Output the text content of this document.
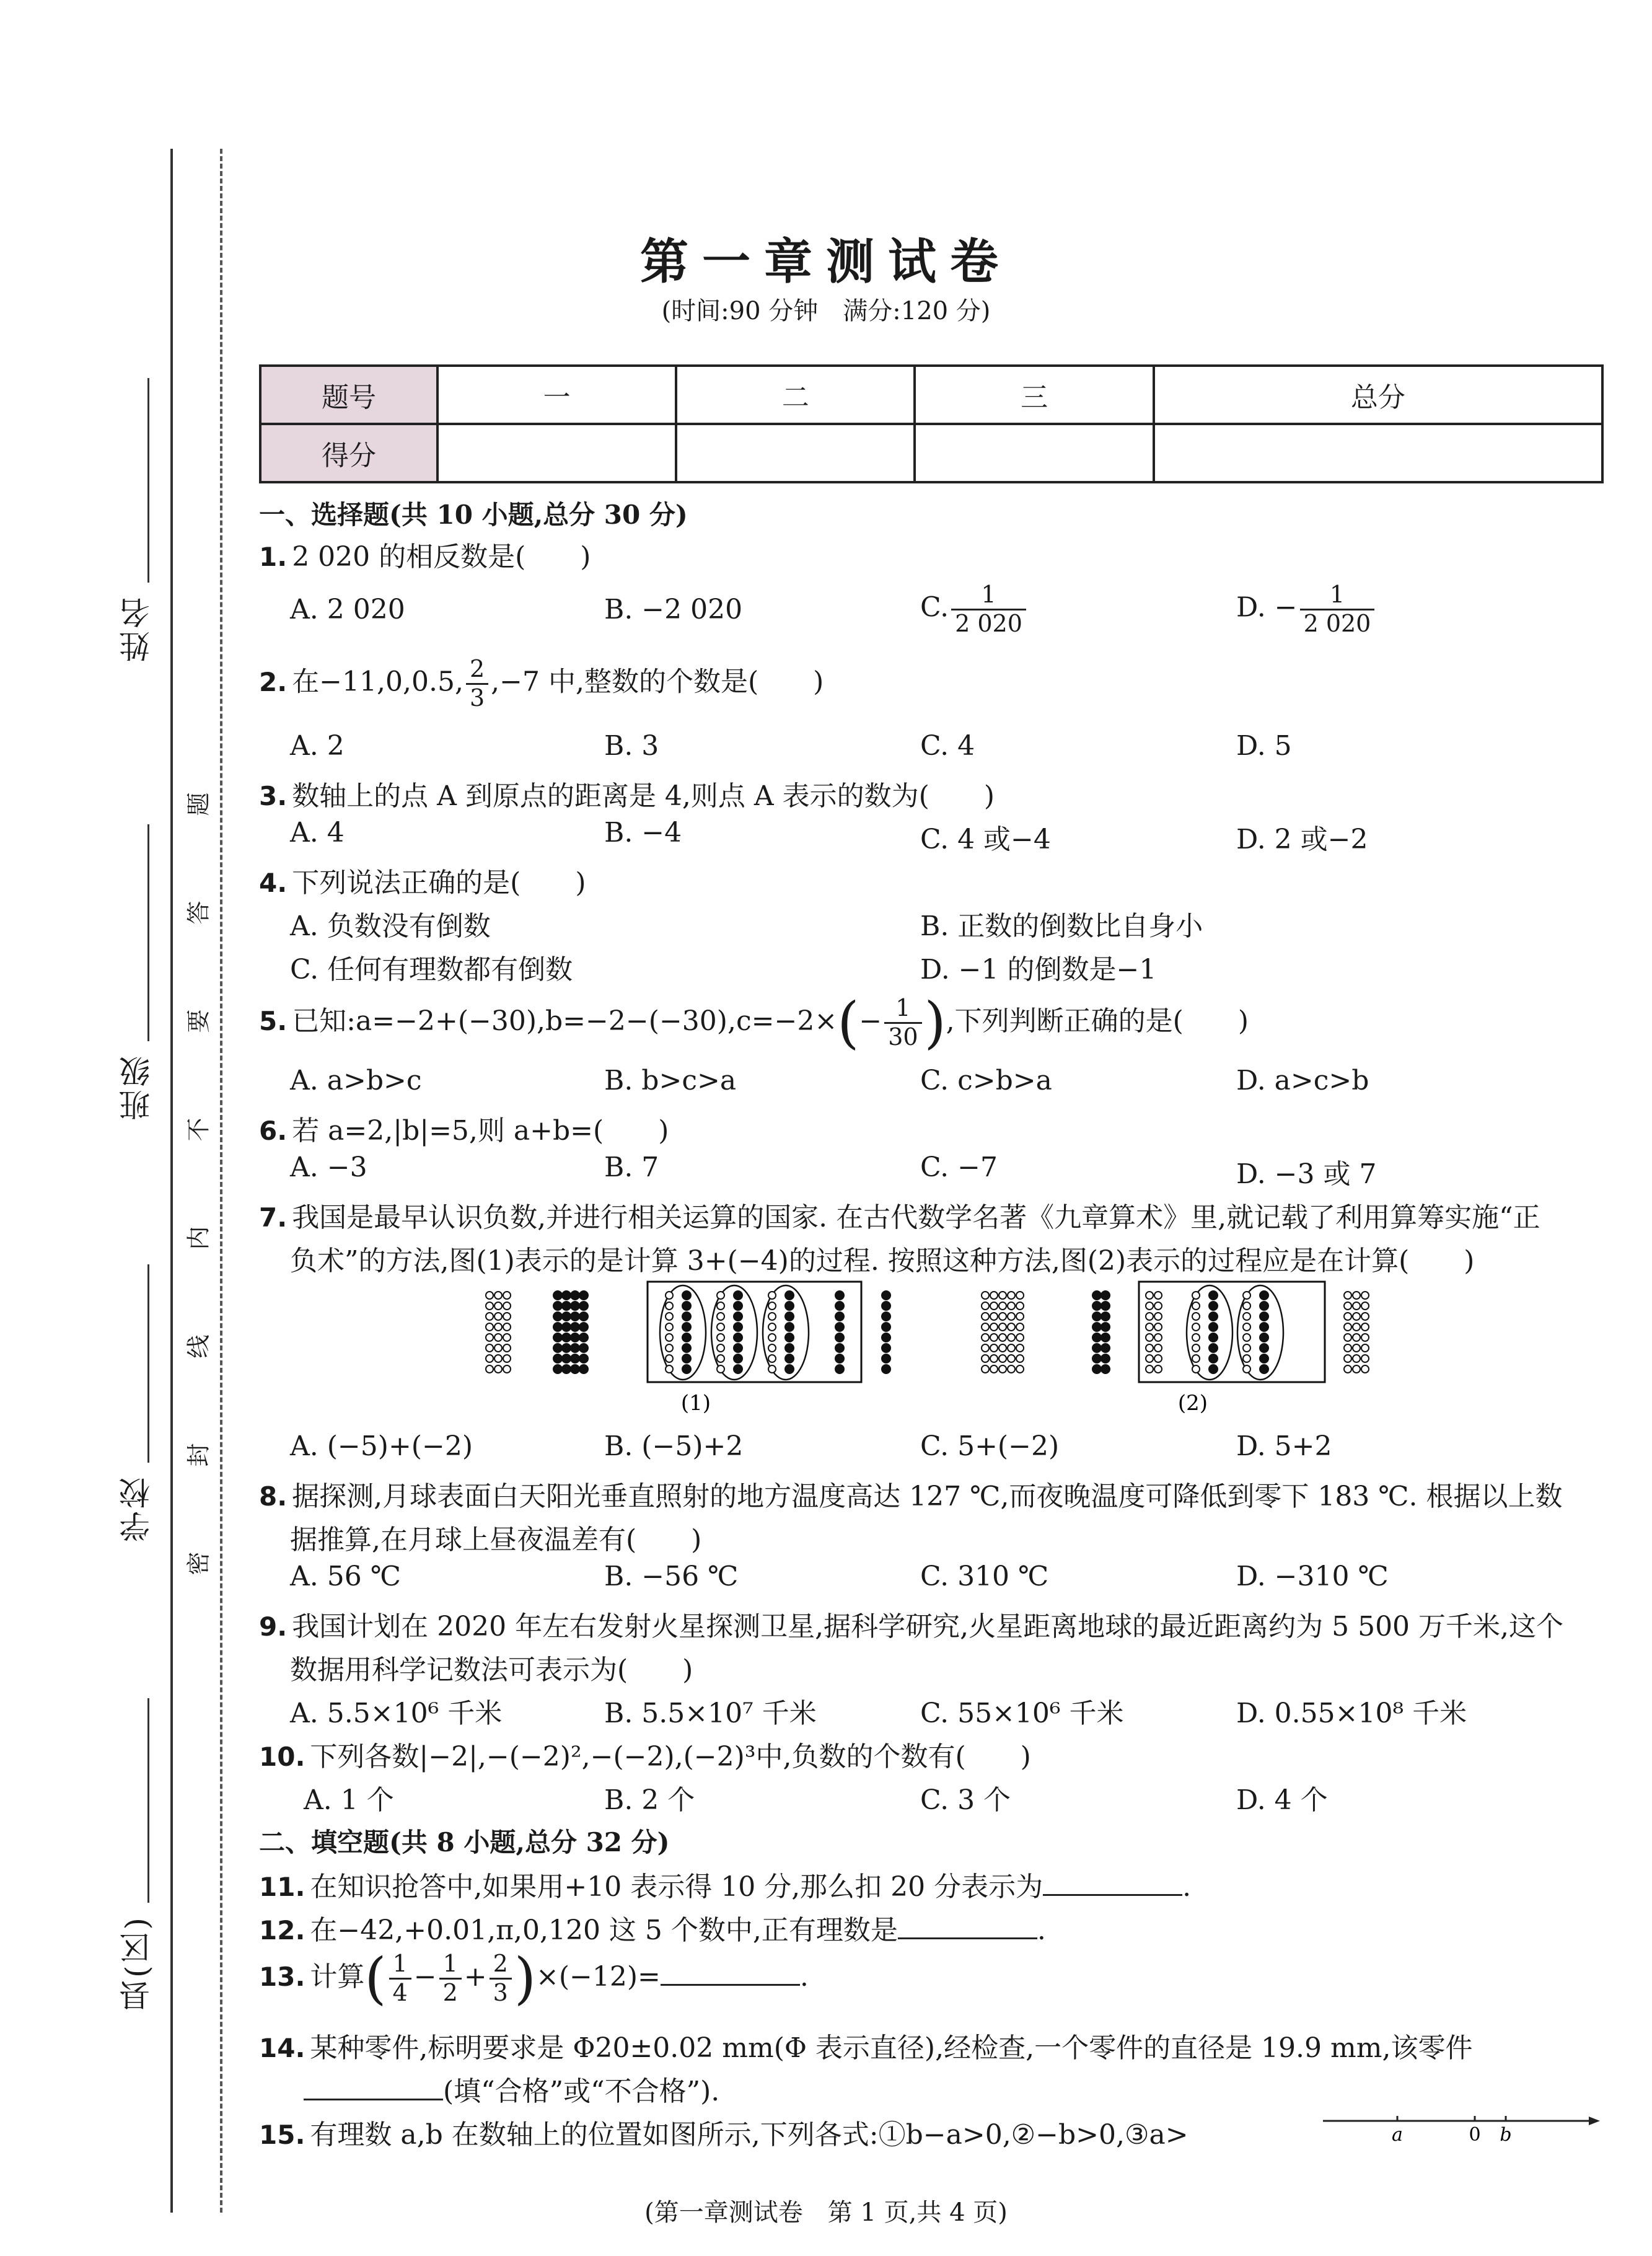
姓名
班级
学校
县(区)
题
答
要
不
内
线
封
密
第一章测试卷
(时间:90 分钟　满分:120 分)
题号	一	二	三	总分
得分				
一、选择题(共 10 小题,总分 30 分)
1. 2 020 的相反数是(　　)
A. 2 020	B. −2 020	C. $\frac{1}{2 020}$	D. − $\frac{1}{2 020}$
2. 在−11,0,0.5, $\frac{2}{3} ,-7$ 中,整数的个数是(　　)
A. 2	B. 3	C. 4	D. 5
3. 数轴上的点 A 到原点的距离是 4,则点 A 表示的数为(　　)
A. 4	B. −4	C. 4 或−4	D. 2 或−2
4. 下列说法正确的是(　　)
A. 负数没有倒数	B. 正数的倒数比自身小
C. 任何有理数都有倒数	D. −1 的倒数是−1
5. 已知:a=−2+(−30),b=−2−(−30),c=−2×(− $\frac{1}{30}$ ),下列判断正确的是(　　)
A. a>b>c	B. b>c>a	C. c>b>a	D. a>c>b
6. 若 a=2,|b|=5,则 a+b=(　　)
A. −3	B. 7	C. −7	D. −3 或 7
7. 我国是最早认识负数,并进行相关运算的国家. 在古代数学名著《九章算术》里,就记载了利用算筹实施“正
负术”的方法,图(1)表示的是计算 3+(−4)的过程. 按照这种方法,图(2)表示的过程应是在计算(　　)
(1)	(2)
A. (−5)+(−2)	B. (−5)+2	C. 5+(−2)	D. 5+2
8. 据探测,月球表面白天阳光垂直照射的地方温度高达 127 ℃,而夜晚温度可降低到零下 183 ℃. 根据以上数
据推算,在月球上昼夜温差有(　　)
A. 56 ℃	B. −56 ℃	C. 310 ℃	D. −310 ℃
9. 我国计划在 2020 年左右发射火星探测卫星,据科学研究,火星距离地球的最近距离约为 5 500 万千米,这个
数据用科学记数法可表示为(　　)
A. 5.5×10⁶ 千米	B. 5.5×10⁷ 千米	C. 55×10⁶ 千米	D. 0.55×10⁸ 千米
10. 下列各数|−2|,−(−2)²,−(−2),(−2)³中,负数的个数有(　　)
A. 1 个	B. 2 个	C. 3 个	D. 4 个
二、填空题(共 8 小题,总分 32 分)
11. 在知识抢答中,如果用+10 表示得 10 分,那么扣 20 分表示为	.
12. 在−42,+0.01,π,0,120 这 5 个数中,正有理数是	.
13. 计算( $\frac{1}{4} - \frac{1}{2} + \frac{2}{3} )\times(-12)=$	.
14. 某种零件,标明要求是 Φ20±0.02 mm(Φ 表示直径),经检查,一个零件的直径是 19.9 mm,该零件
(填“合格”或“不合格”).
15. 有理数 a,b 在数轴上的位置如图所示,下列各式:①b−a>0,②−b>0,③a>	a	0 b
(第一章测试卷　第 1 页,共 4 页)
